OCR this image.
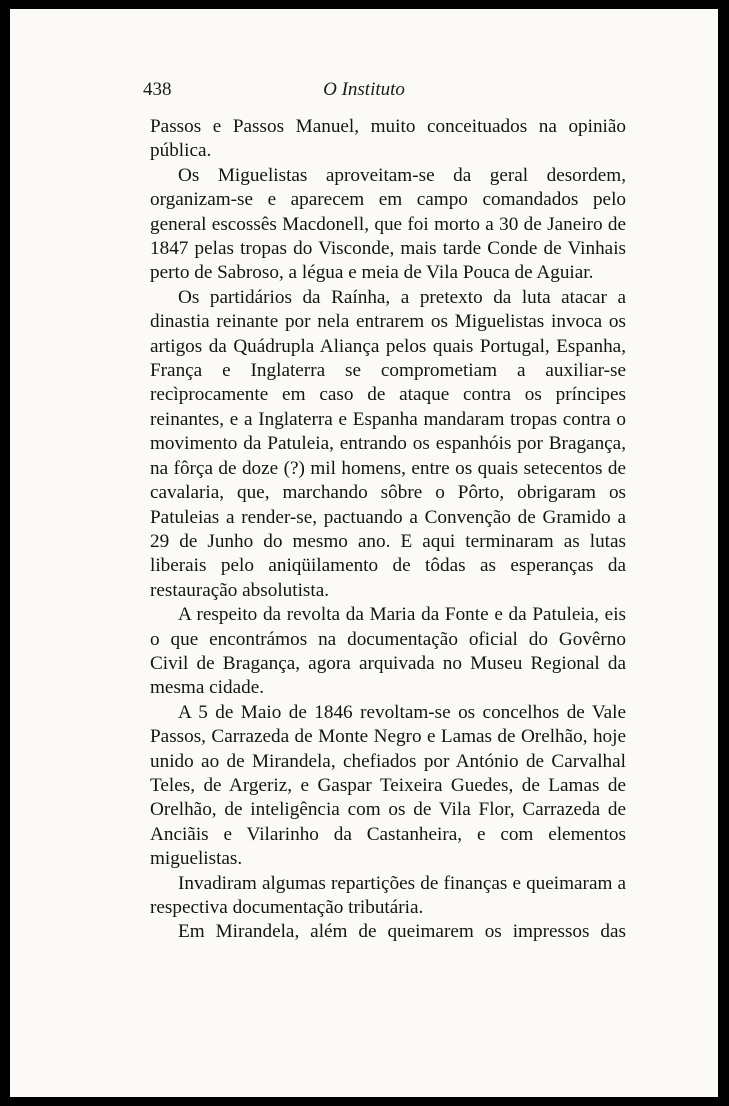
438	O Instituto

Passos e Passos Manuel, muito conceituados na opinião pública.

Os Miguelistas aproveitam-se da geral desordem, organizam-se e aparecem em campo comandados pelo general escossês Macdonell, que foi morto a 30 de Janeiro de 1847 pelas tropas do Visconde, mais tarde Conde de Vinhais perto de Sabroso, a légua e meia de Vila Pouca de Aguiar.

Os partidários da Raínha, a pretexto da luta atacar a dinastia reinante por nela entrarem os Miguelistas invoca os artigos da Quádrupla Aliança pelos quais Portugal, Espanha, França e Inglaterra se comprometiam a auxiliar-se recìprocamente em caso de ataque contra os príncipes reinantes, e a Inglaterra e Espanha mandaram tropas contra o movimento da Patuleia, entrando os espanhóis por Bragança, na fôrça de doze (?) mil homens, entre os quais setecentos de cavalaria, que, marchando sôbre o Pôrto, obrigaram os Patuleias a render-se, pactuando a Convenção de Gramido a 29 de Junho do mesmo ano. E aqui terminaram as lutas liberais pelo aniqüilamento de tôdas as esperanças da restauração absolutista.

A respeito da revolta da Maria da Fonte e da Patuleia, eis o que encontrámos na documentação oficial do Govêrno Civil de Bragança, agora arquivada no Museu Regional da mesma cidade.

A 5 de Maio de 1846 revoltam-se os concelhos de Vale Passos, Carrazeda de Monte Negro e Lamas de Orelhão, hoje unido ao de Mirandela, chefiados por António de Carvalhal Teles, de Argeriz, e Gaspar Teixeira Guedes, de Lamas de Orelhão, de inteligência com os de Vila Flor, Carrazeda de Anciãis e Vilarinho da Castanheira, e com elementos miguelistas.

Invadiram algumas repartições de finanças e queimaram a respectiva documentação tributária.

Em Mirandela, além de queimarem os impressos das
